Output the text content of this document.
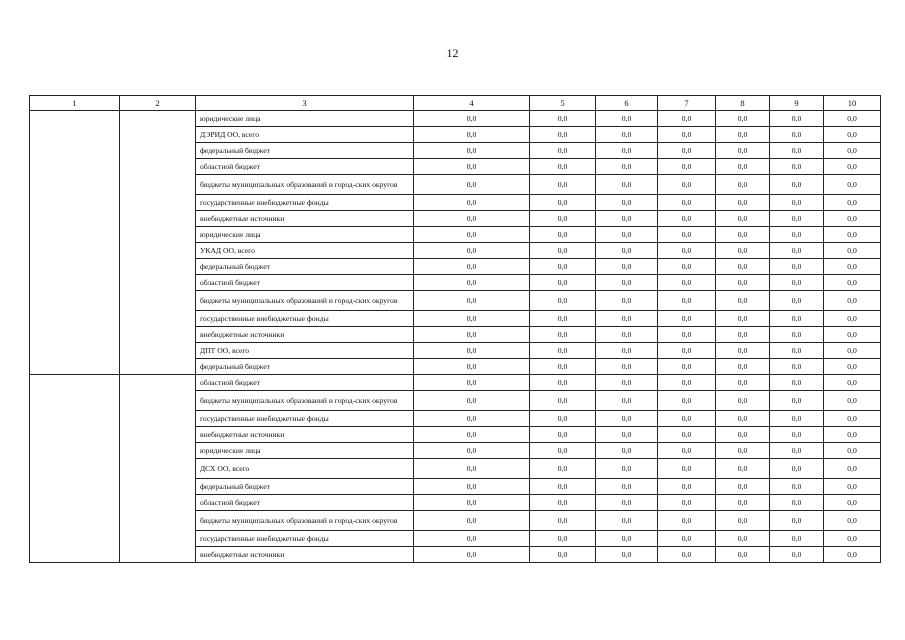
12
1	2	3	4	5	6	7	8	9	10
		юридические лица	0,0	0,0	0,0	0,0	0,0	0,0	0,0
		ДЭРИД ОО, всего	0,0	0,0	0,0	0,0	0,0	0,0	0,0
		федеральный бюджет	0,0	0,0	0,0	0,0	0,0	0,0	0,0
		областной бюджет	0,0	0,0	0,0	0,0	0,0	0,0	0,0
		бюджеты муниципальных образований и город-ских округов	0,0	0,0	0,0	0,0	0,0	0,0	0,0
		государственные внебюджетные фонды	0,0	0,0	0,0	0,0	0,0	0,0	0,0
		внебюджетные источники	0,0	0,0	0,0	0,0	0,0	0,0	0,0
		юридические лица	0,0	0,0	0,0	0,0	0,0	0,0	0,0
		УКАД ОО, всего	0,0	0,0	0,0	0,0	0,0	0,0	0,0
		федеральный бюджет	0,0	0,0	0,0	0,0	0,0	0,0	0,0
		областной бюджет	0,0	0,0	0,0	0,0	0,0	0,0	0,0
		бюджеты муниципальных образований и город-ских округов	0,0	0,0	0,0	0,0	0,0	0,0	0,0
		государственные внебюджетные фонды	0,0	0,0	0,0	0,0	0,0	0,0	0,0
		внебюджетные источники	0,0	0,0	0,0	0,0	0,0	0,0	0,0
		ДПТ ОО, всего	0,0	0,0	0,0	0,0	0,0	0,0	0,0
		федеральный бюджет	0,0	0,0	0,0	0,0	0,0	0,0	0,0
		областной бюджет	0,0	0,0	0,0	0,0	0,0	0,0	0,0
		бюджеты муниципальных образований и город-ских округов	0,0	0,0	0,0	0,0	0,0	0,0	0,0
		государственные внебюджетные фонды	0,0	0,0	0,0	0,0	0,0	0,0	0,0
		внебюджетные источники	0,0	0,0	0,0	0,0	0,0	0,0	0,0
		юридические лица	0,0	0,0	0,0	0,0	0,0	0,0	0,0
		ДСХ ОО, всего	0,0	0,0	0,0	0,0	0,0	0,0	0,0
		федеральный бюджет	0,0	0,0	0,0	0,0	0,0	0,0	0,0
		областной бюджет	0,0	0,0	0,0	0,0	0,0	0,0	0,0
		бюджеты муниципальных образований и город-ских округов	0,0	0,0	0,0	0,0	0,0	0,0	0,0
		государственные внебюджетные фонды	0,0	0,0	0,0	0,0	0,0	0,0	0,0
		внебюджетные источники	0,0	0,0	0,0	0,0	0,0	0,0	0,0
